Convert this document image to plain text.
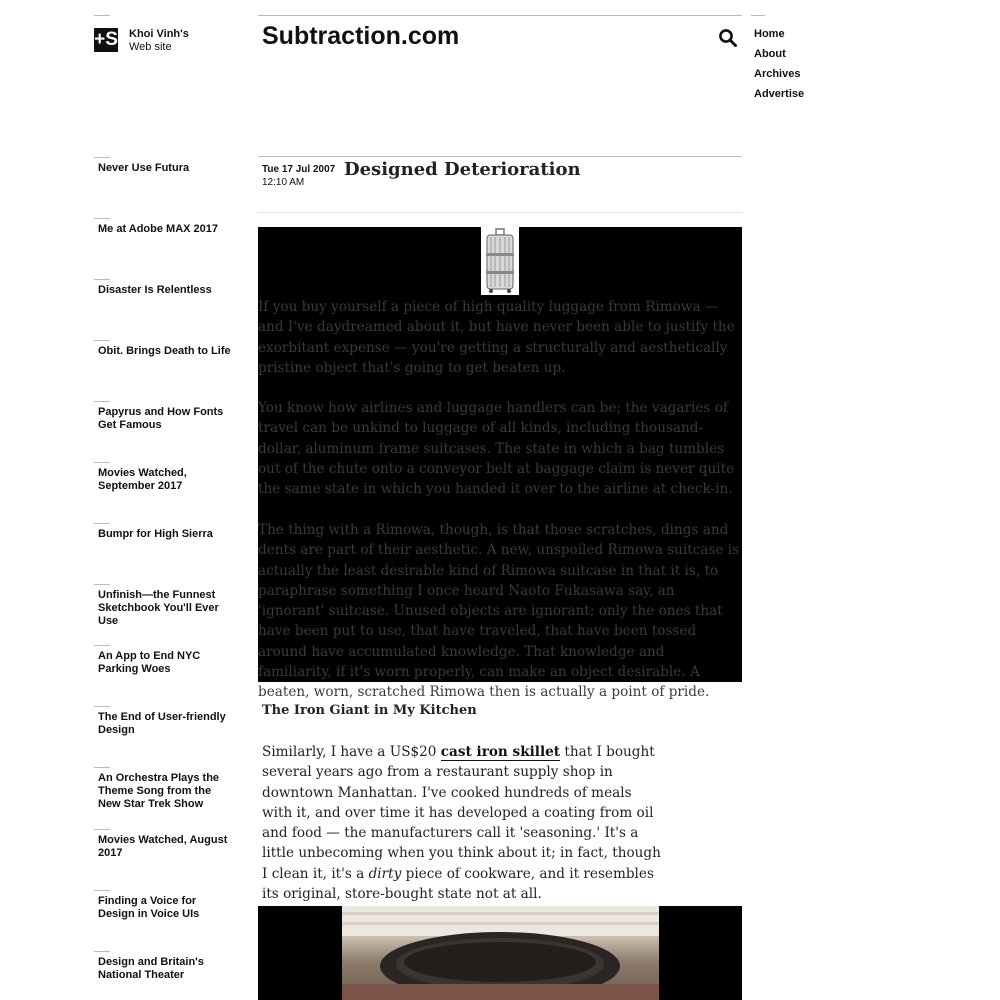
+S Khoi Vinh's
Web site	Subtraction.com	Home
About
Archives
Advertise
Never Use Futura
Me at Adobe MAX 2017
Disaster Is Relentless
Obit. Brings Death to Life
Papyrus and How Fonts Get Famous
Movies Watched, September 2017
Bumpr for High Sierra
Unfinish—the Funnest Sketchbook You'll Ever Use
An App to End NYC Parking Woes
The End of User-friendly Design
An Orchestra Plays the Theme Song from the New Star Trek Show
Movies Watched, August 2017
Finding a Voice for Design in Voice UIs
Design and Britain's National Theater
Tue 17 Jul 2007
12:10 AM
Designed Deterioration

If you buy yourself a piece of high quality luggage from Rimowa — and I've daydreamed about it, but have never been able to justify the exorbitant expense — you're getting a structurally and aesthetically pristine object that's going to get beaten up.

You know how airlines and luggage handlers can be; the vagaries of travel can be unkind to luggage of all kinds, including thousand-dollar, aluminum frame suitcases. The state in which a bag tumbles out of the chute onto a conveyor belt at baggage claim is never quite the same state in which you handed it over to the airline at check-in.

The thing with a Rimowa, though, is that those scratches, dings and dents are part of their aesthetic. A new, unspoiled Rimowa suitcase is actually the least desirable kind of Rimowa suitcase in that it is, to paraphrase something I once heard Naoto Fukasawa say, an 'ignorant' suitcase. Unused objects are ignorant; only the ones that have been put to use, that have traveled, that have been tossed around have accumulated knowledge. That knowledge and familiarity, if it's worn properly, can make an object desirable. A beaten, worn, scratched Rimowa then is actually a point of pride.

The Iron Giant in My Kitchen
Similarly, I have a US$20 cast iron skillet that I bought several years ago from a restaurant supply shop in downtown Manhattan. I've cooked hundreds of meals with it, and over time it has developed a coating from oil and food — the manufacturers call it 'seasoning.' It's a little unbecoming when you think about it; in fact, though I clean it, it's a dirty piece of cookware, and it resembles its original, store-bought state not at all.
